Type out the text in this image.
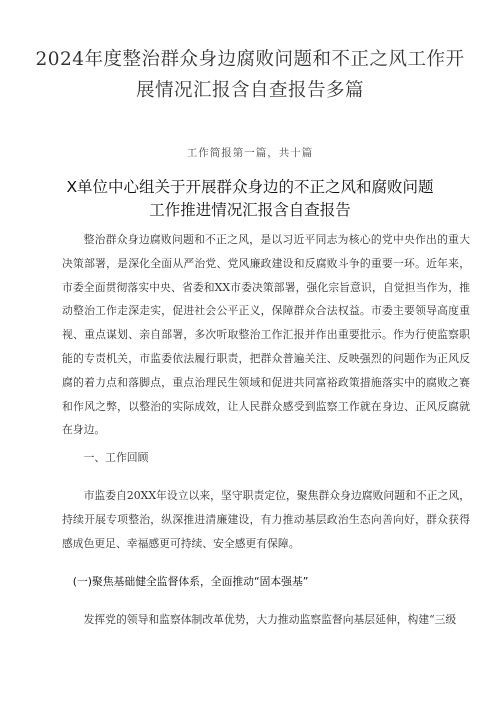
2024年度整治群众身边腐败问题和不正之风工作开展情况汇报含自查报告多篇
工作简报第一篇，共十篇
X单位中心组关于开展群众身边的不正之风和腐败问题
工作推进情况汇报含自查报告

整治群众身边腐败问题和不正之风，是以习近平同志为核心的党中央作出的重大决策部署，是深化全面从严治党、党风廉政建设和反腐败斗争的重要一环。近年来，市委全面贯彻落实中央、省委和XX市委决策部署，强化宗旨意识，自觉担当作为，推动整治工作走深走实，促进社会公平正义，保障群众合法权益。市委主要领导高度重视、重点谋划、亲自部署，多次听取整治工作汇报并作出重要批示。作为行使监察职能的专责机关，市监委依法履行职责，把群众普遍关注、反映强烈的问题作为正风反腐的着力点和落脚点，重点治理民生领域和促进共同富裕政策措施落实中的腐败之赛和作风之弊，以整治的实际成效，让人民群众感受到监察工作就在身边、正风反腐就在身边。

一、工作回顾

市监委自20XX年设立以来，坚守职责定位，聚焦群众身边腐败问题和不正之风，持续开展专项整治，纵深推进清廉建设，有力推动基层政治生态向善向好，群众获得感成色更足、幸福感更可持续、安全感更有保障。

(一)聚焦基础健全监督体系，全面推动“固本强基”

发挥党的领导和监察体制改革优势，大力推动监察监督向基层延伸，构建“三级
